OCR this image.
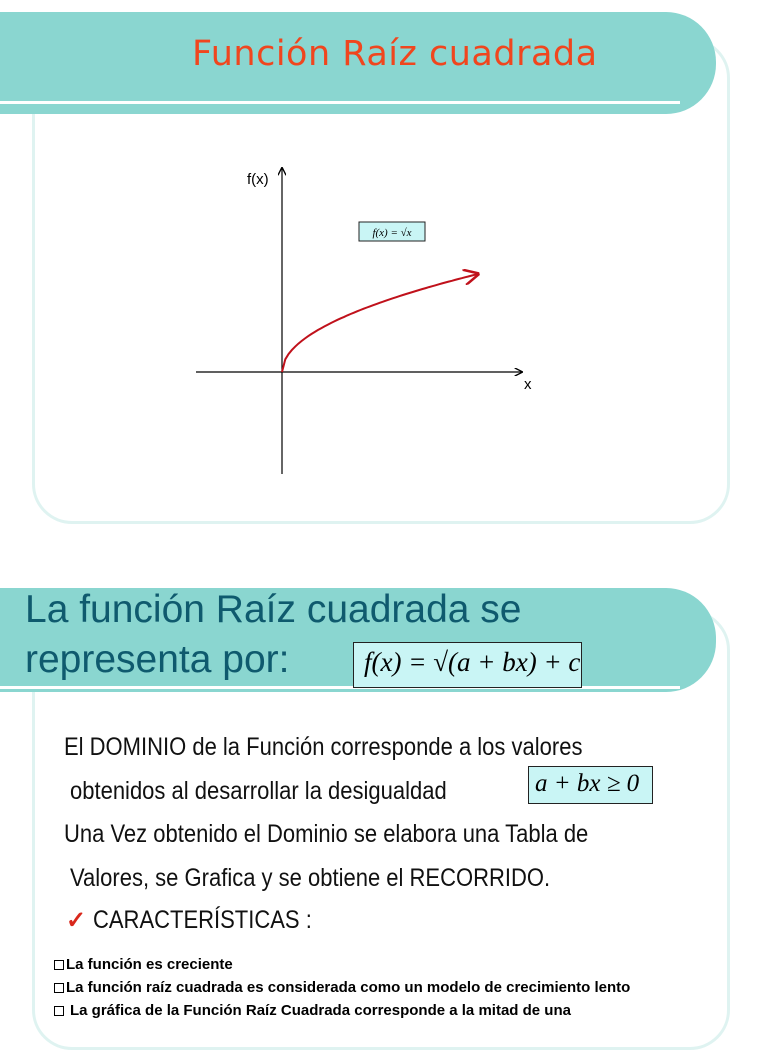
Función Raíz cuadrada
f(x)
x
f(x) = √x
La función Raíz cuadrada se
representa por:	f(x) = √(a + bx) + c
El DOMINIO de la Función corresponde a los valores
obtenidos al desarrollar la desigualdad	a + bx ≥ 0
Una Vez obtenido el Dominio se elabora una Tabla de
Valores, se Grafica y se obtiene el RECORRIDO.
✓ CARACTERÍSTICAS :
La función es creciente
La función raíz cuadrada es considerada como un modelo de crecimiento lento
La gráfica de la Función Raíz Cuadrada corresponde a la mitad de una
